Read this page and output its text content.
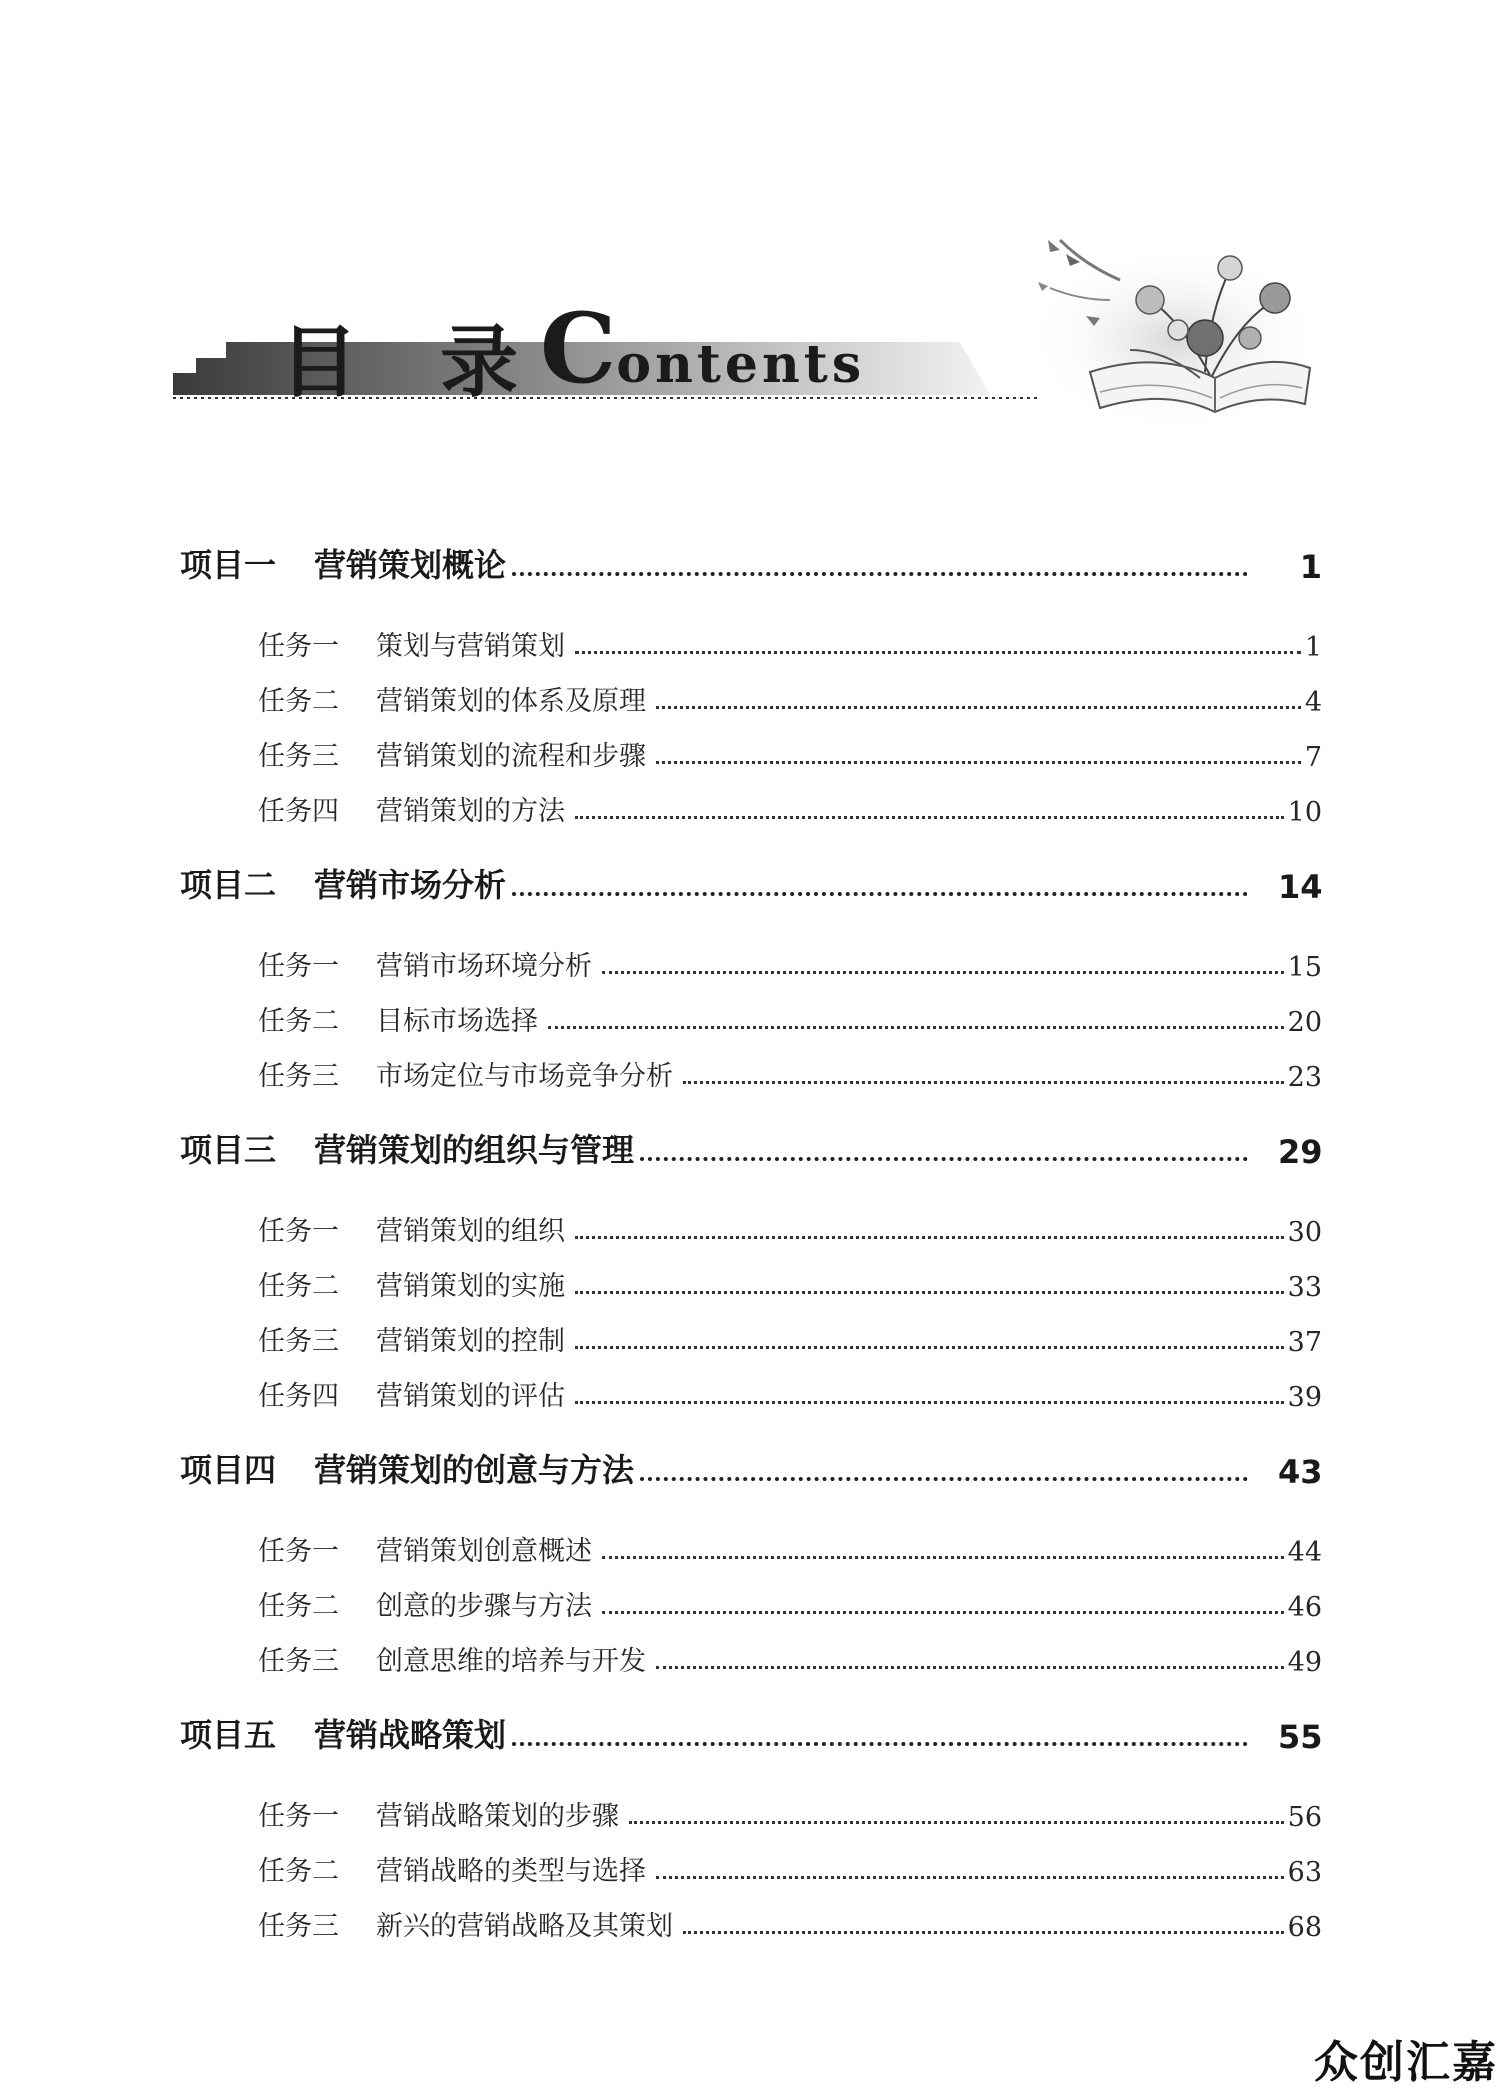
目 录 Contents
项目一	营销策划概论	1
任务一	策划与营销策划	1
任务二	营销策划的体系及原理	4
任务三	营销策划的流程和步骤	7
任务四	营销策划的方法	10
项目二	营销市场分析	14
任务一	营销市场环境分析	15
任务二	目标市场选择	20
任务三	市场定位与市场竞争分析	23
项目三	营销策划的组织与管理	29
任务一	营销策划的组织	30
任务二	营销策划的实施	33
任务三	营销策划的控制	37
任务四	营销策划的评估	39
项目四	营销策划的创意与方法	43
任务一	营销策划创意概述	44
任务二	创意的步骤与方法	46
任务三	创意思维的培养与开发	49
项目五	营销战略策划	55
任务一	营销战略策划的步骤	56
任务二	营销战略的类型与选择	63
任务三	新兴的营销战略及其策划	68
众创汇嘉
